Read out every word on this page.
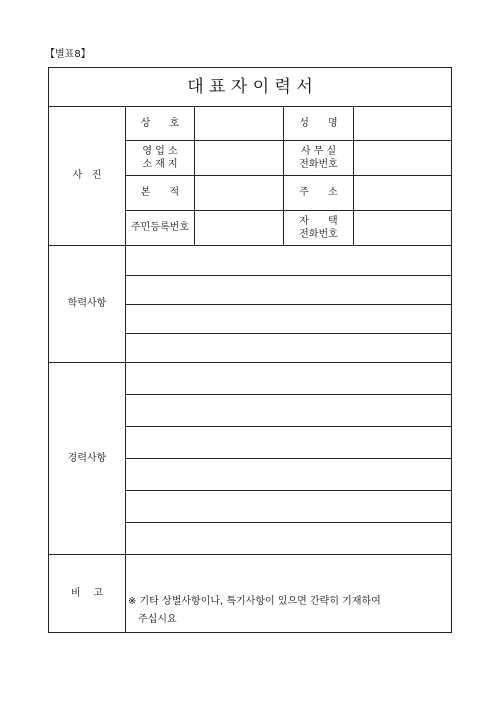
【별표8】
대 표 자 이 력 서
사   진
상      호	성      명
영 업 소
소 재 지
사 무 실
전화번호
본      적	주      소
주민등록번호
자      택
전화번호
학력사항
경력사항
비    고
※ 기타 상벌사항이나, 특기사항이 있으면 간략히 기재하여
주십시요
